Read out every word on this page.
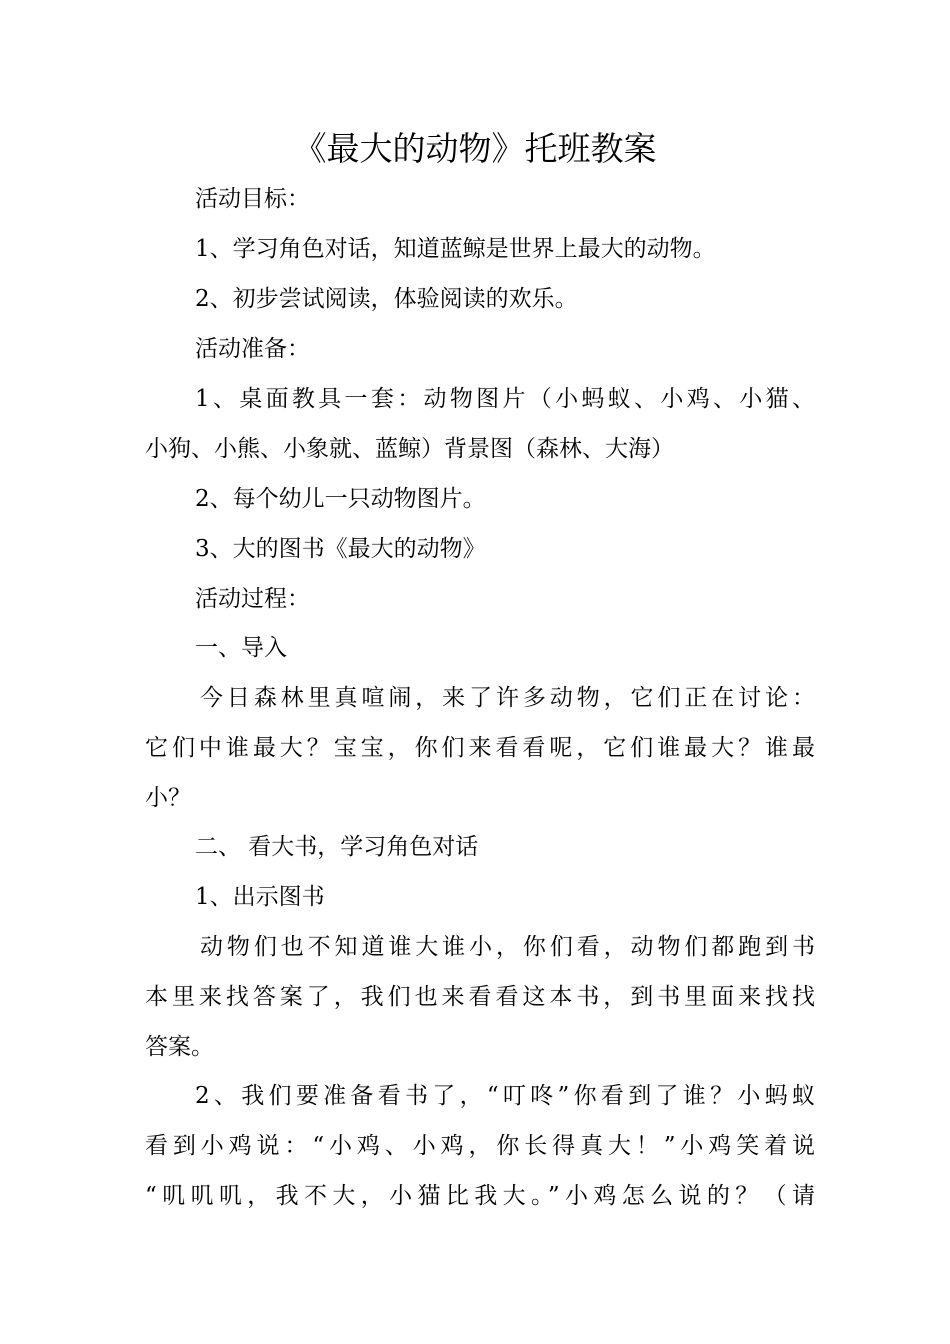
《最大的动物》托班教案
活动目标：
1、学习角色对话，知道蓝鲸是世界上最大的动物。
2、初步尝试阅读，体验阅读的欢乐。
活动准备：
1、桌面教具一套：动物图片（小蚂蚁、小鸡、小猫、
小狗、小熊、小象就、蓝鲸）背景图（森林、大海）
2、每个幼儿一只动物图片。
3、大的图书《最大的动物》
活动过程：
一、导入
今日森林里真喧闹，来了许多动物，它们正在讨论：
它们中谁最大？宝宝，你们来看看呢，它们谁最大？谁最
小？
二、 看大书，学习角色对话
1、出示图书
动物们也不知道谁大谁小，你们看，动物们都跑到书
本里来找答案了，我们也来看看这本书，到书里面来找找
答案。
2、我们要准备看书了，“叮咚”你看到了谁？小蚂蚁
看到小鸡说：“小鸡、小鸡，你长得真大！”小鸡笑着说
“叽叽叽，我不大，小猫比我大。”小鸡怎么说的？（请
